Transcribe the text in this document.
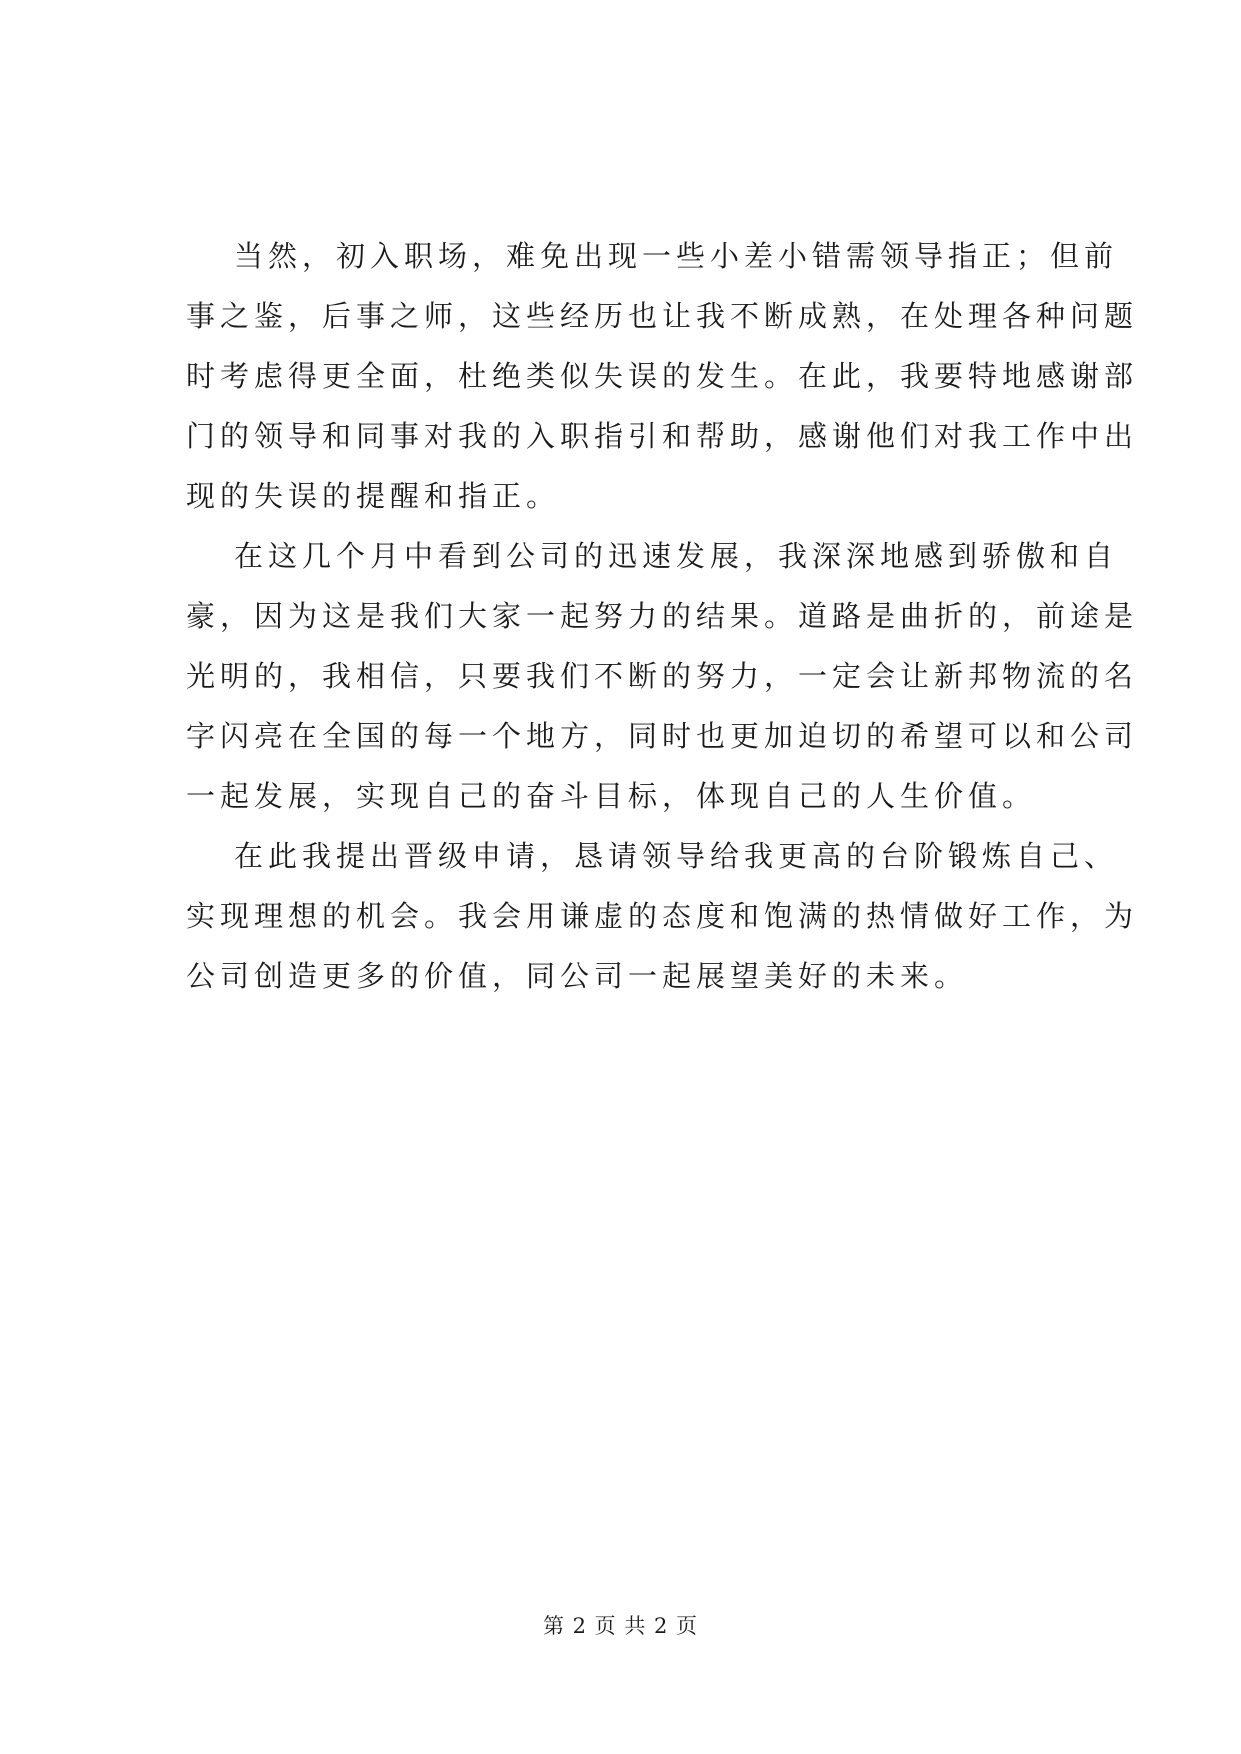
当然，初入职场，难免出现一些小差小错需领导指正；但前
事之鉴，后事之师，这些经历也让我不断成熟，在处理各种问题
时考虑得更全面，杜绝类似失误的发生。在此，我要特地感谢部
门的领导和同事对我的入职指引和帮助，感谢他们对我工作中出
现的失误的提醒和指正。
在这几个月中看到公司的迅速发展，我深深地感到骄傲和自
豪，因为这是我们大家一起努力的结果。道路是曲折的，前途是
光明的，我相信，只要我们不断的努力，一定会让新邦物流的名
字闪亮在全国的每一个地方，同时也更加迫切的希望可以和公司
一起发展，实现自己的奋斗目标，体现自己的人生价值。
在此我提出晋级申请，恳请领导给我更高的台阶锻炼自己、
实现理想的机会。我会用谦虚的态度和饱满的热情做好工作，为
公司创造更多的价值，同公司一起展望美好的未来。
第 2 页 共 2 页
